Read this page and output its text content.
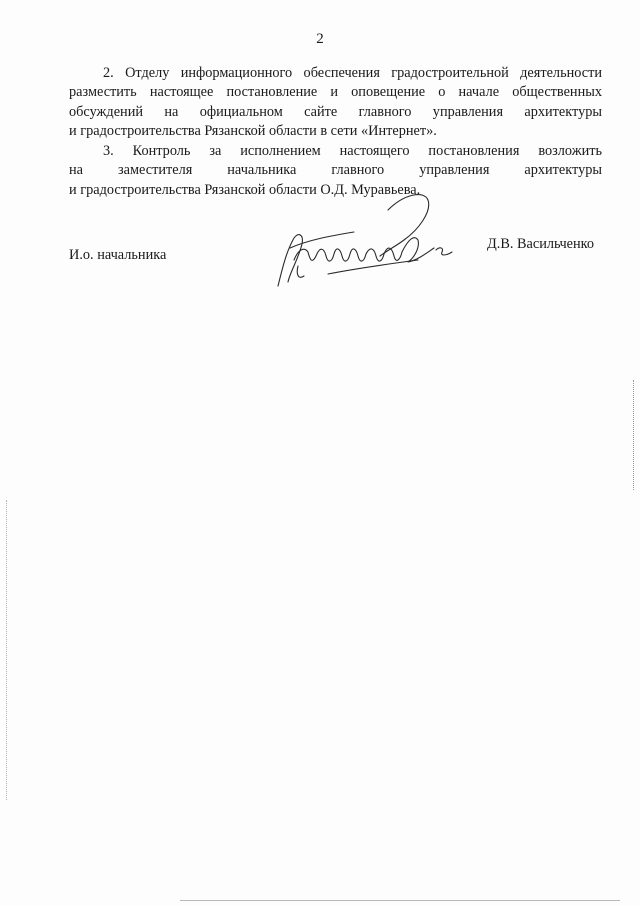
2
2. Отделу информационного обеспечения градостроительной деятельности
разместить настоящее постановление и оповещение о начале общественных
обсуждений на официальном сайте главного управления архитектуры
и градостроительства Рязанской области в сети «Интернет».
3. Контроль за исполнением настоящего постановления возложить
на заместителя начальника главного управления архитектуры
и градостроительства Рязанской области О.Д. Муравьева.
И.о. начальника
Д.В. Васильченко
